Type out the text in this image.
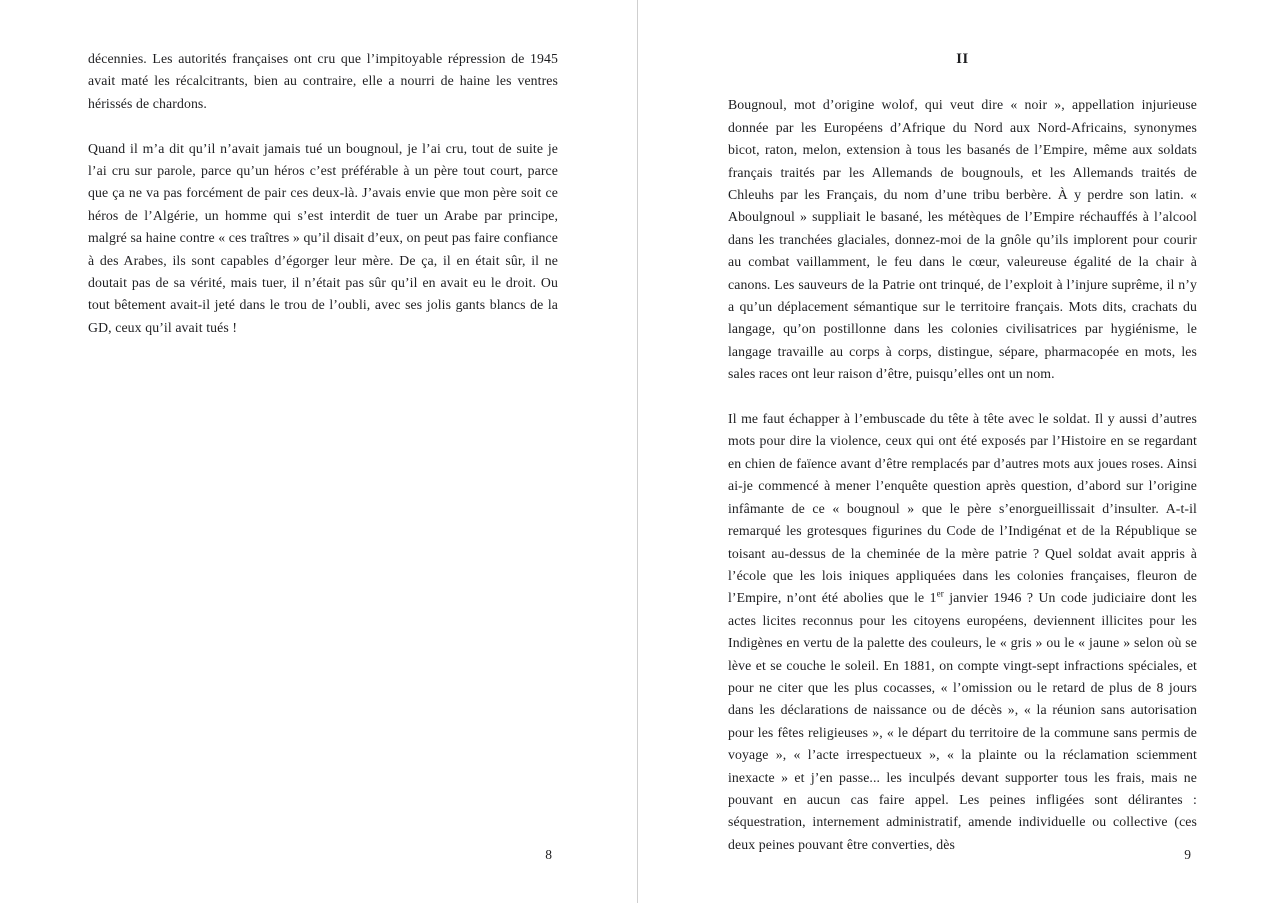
décennies. Les autorités françaises ont cru que l’impitoyable répression de 1945 avait maté les récalcitrants, bien au contraire, elle a nourri de haine les ventres hérissés de chardons.

Quand il m’a dit qu’il n’avait jamais tué un bougnoul, je l’ai cru, tout de suite je l’ai cru sur parole, parce qu’un héros c’est préférable à un père tout court, parce que ça ne va pas forcément de pair ces deux-là. J’avais envie que mon père soit ce héros de l’Algérie, un homme qui s’est interdit de tuer un Arabe par principe, malgré sa haine contre « ces traîtres » qu’il disait d’eux, on peut pas faire confiance à des Arabes, ils sont capables d’égorger leur mère. De ça, il en était sûr, il ne doutait pas de sa vérité, mais tuer, il n’était pas sûr qu’il en avait eu le droit. Ou tout bêtement avait-il jeté dans le trou de l’oubli, avec ses jolis gants blancs de la GD, ceux qu’il avait tués !

8
II

Bougnoul, mot d’origine wolof, qui veut dire « noir », appellation injurieuse donnée par les Européens d’Afrique du Nord aux Nord-Africains, synonymes bicot, raton, melon, extension à tous les basanés de l’Empire, même aux soldats français traités par les Allemands de bougnouls, et les Allemands traités de Chleuhs par les Français, du nom d’une tribu berbère. À y perdre son latin. « Aboulgnoul » suppliait le basané, les métèques de l’Empire réchauffés à l’alcool dans les tranchées glaciales, donnez-moi de la gnôle qu’ils implorent pour courir au combat vaillamment, le feu dans le cœur, valeureuse égalité de la chair à canons. Les sauveurs de la Patrie ont trinqué, de l’exploit à l’injure suprême, il n’y a qu’un déplacement sémantique sur le territoire français. Mots dits, crachats du langage, qu’on postillonne dans les colonies civilisatrices par hygiénisme, le langage travaille au corps à corps, distingue, sépare, pharmacopée en mots, les sales races ont leur raison d’être, puisqu’elles ont un nom.

Il me faut échapper à l’embuscade du tête à tête avec le soldat. Il y aussi d’autres mots pour dire la violence, ceux qui ont été exposés par l’Histoire en se regardant en chien de faïence avant d’être remplacés par d’autres mots aux joues roses. Ainsi ai-je commencé à mener l’enquête question après question, d’abord sur l’origine infâmante de ce « bougnoul » que le père s’enorgueillissait d’insulter. A-t-il remarqué les grotesques figurines du Code de l’Indigénat et de la République se toisant au-dessus de la cheminée de la mère patrie ? Quel soldat avait appris à l’école que les lois iniques appliquées dans les colonies françaises, fleuron de l’Empire, n’ont été abolies que le 1er janvier 1946 ? Un code judiciaire dont les actes licites reconnus pour les citoyens européens, deviennent illicites pour les Indigènes en vertu de la palette des couleurs, le « gris » ou le « jaune » selon où se lève et se couche le soleil. En 1881, on compte vingt-sept infractions spéciales, et pour ne citer que les plus cocasses, « l’omission ou le retard de plus de 8 jours dans les déclarations de naissance ou de décès », « la réunion sans autorisation pour les fêtes religieuses », « le départ du territoire de la commune sans permis de voyage », « l’acte irrespectueux », « la plainte ou la réclamation sciemment inexacte » et j’en passe... les inculpés devant supporter tous les frais, mais ne pouvant en aucun cas faire appel. Les peines infligées sont délirantes : séquestration, internement administratif, amende individuelle ou collective (ces deux peines pouvant être converties, dès

9
